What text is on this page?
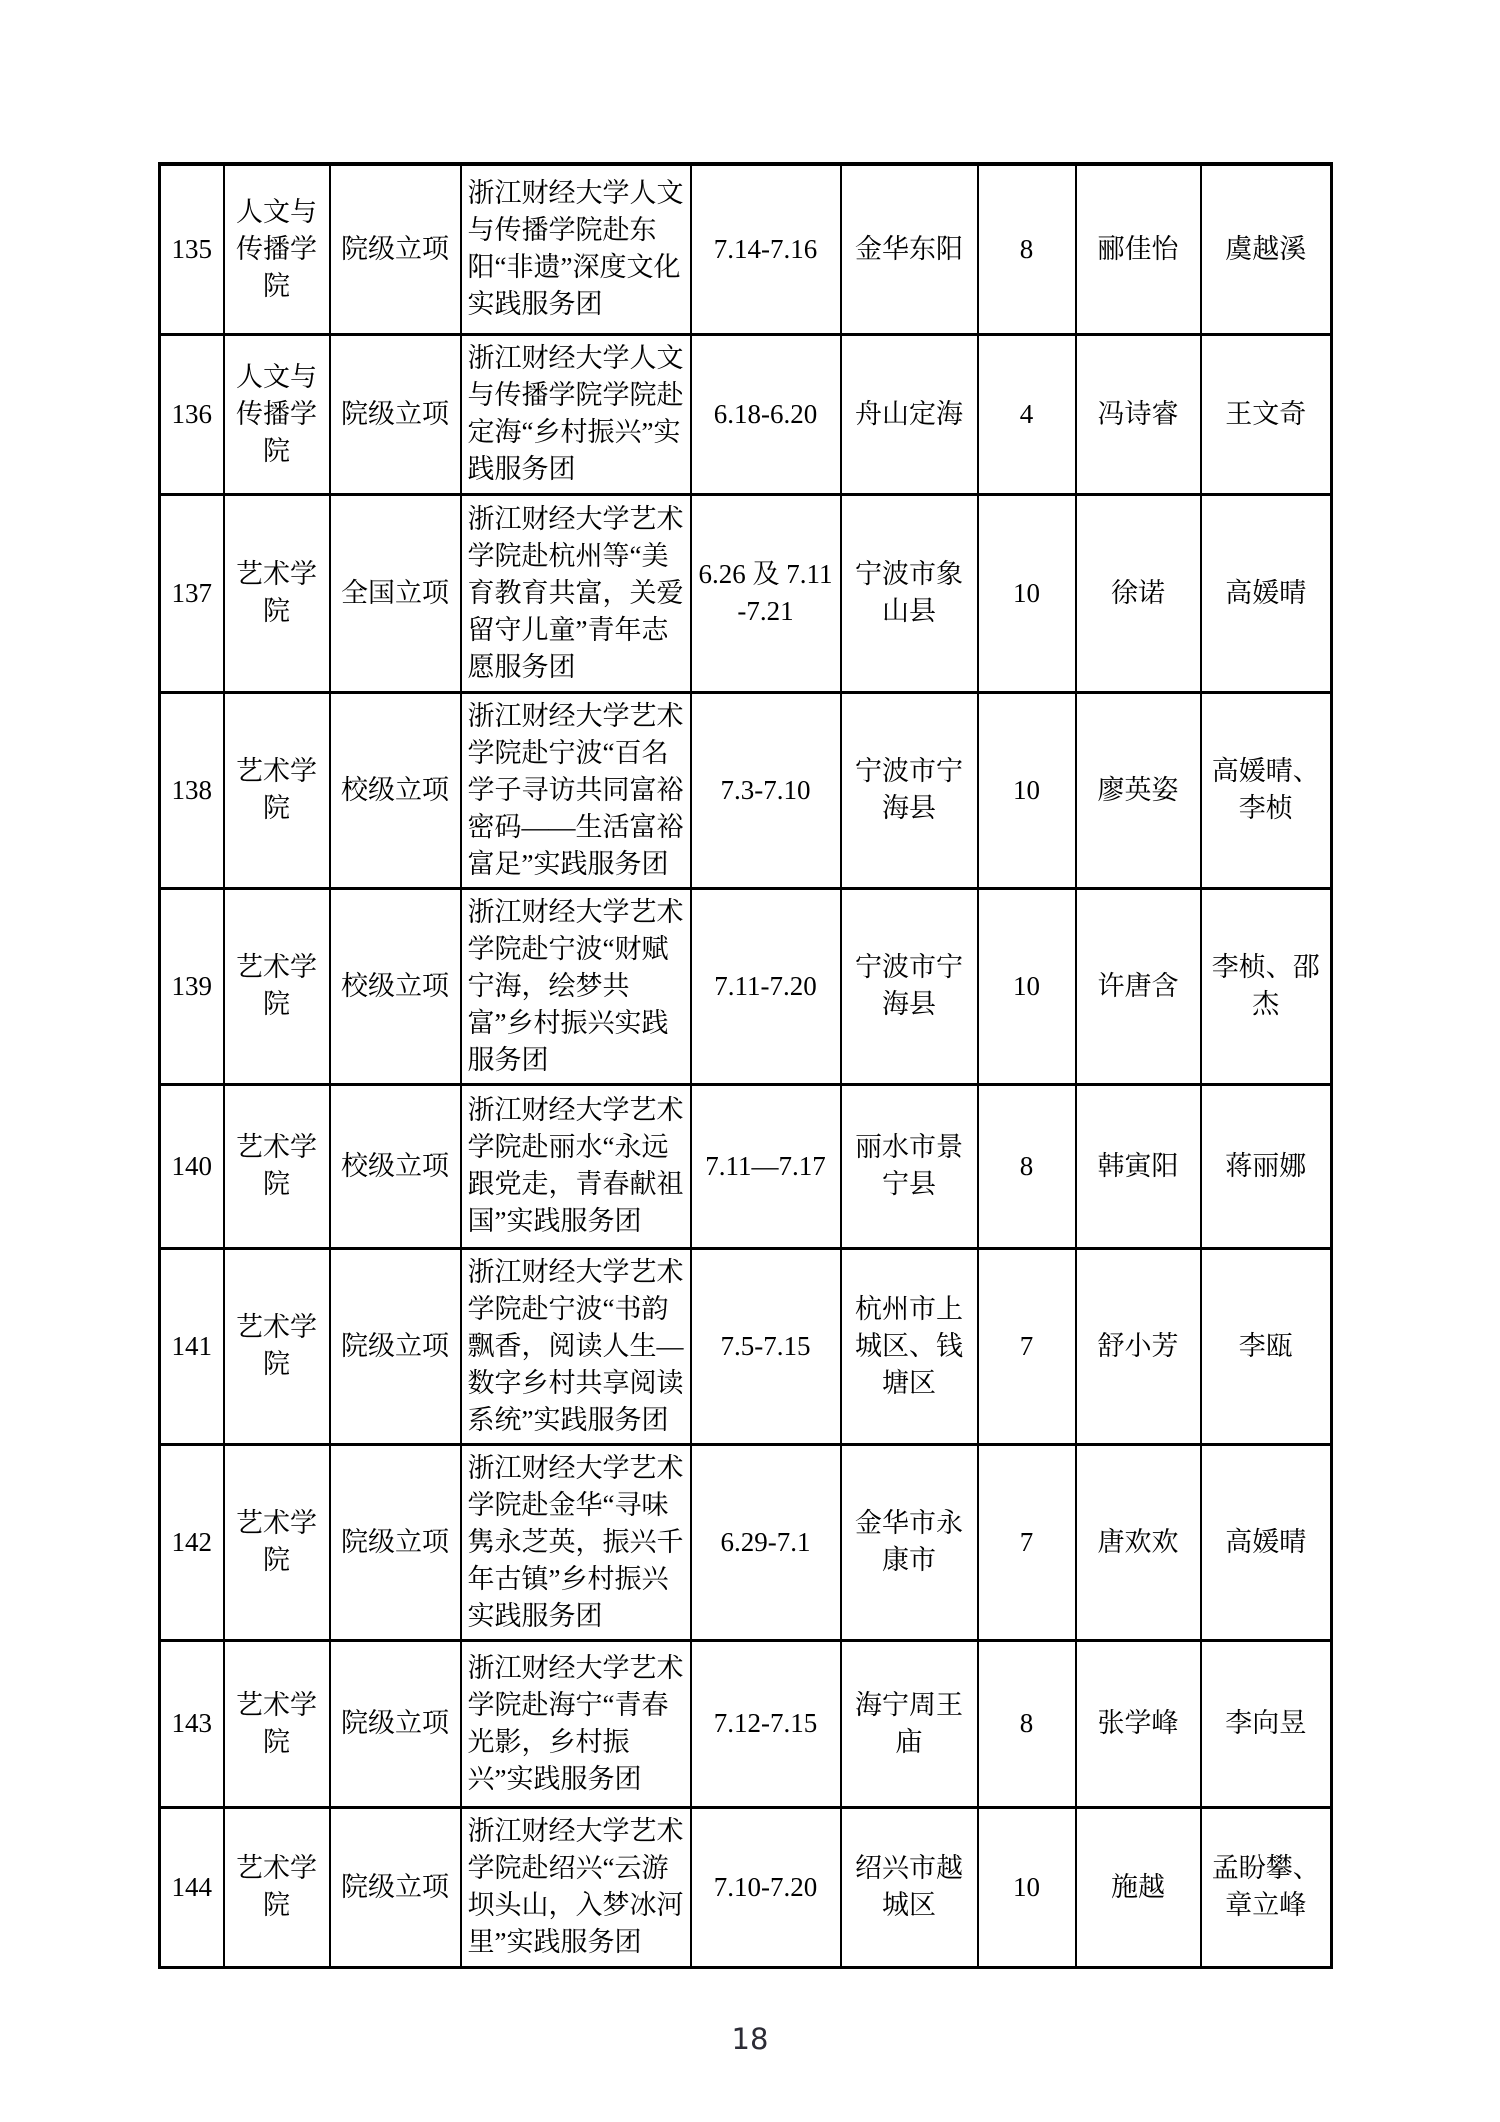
135	人文与传播学院	院级立项	浙江财经大学人文与传播学院赴东阳“非遗”深度文化实践服务团	7.14-7.16	金华东阳	8	郦佳怡	虞越溪
136	人文与传播学院	院级立项	浙江财经大学人文与传播学院学院赴定海“乡村振兴”实践服务团	6.18-6.20	舟山定海	4	冯诗睿	王文奇
137	艺术学院	全国立项	浙江财经大学艺术学院赴杭州等“美育教育共富，关爱留守儿童”青年志愿服务团	6.26 及 7.11-7.21	宁波市象山县	10	徐诺	高媛晴
138	艺术学院	校级立项	浙江财经大学艺术学院赴宁波“百名学子寻访共同富裕密码——生活富裕富足”实践服务团	7.3-7.10	宁波市宁海县	10	廖英姿	高媛晴、李桢
139	艺术学院	校级立项	浙江财经大学艺术学院赴宁波“财赋宁海，绘梦共富”乡村振兴实践服务团	7.11-7.20	宁波市宁海县	10	许唐含	李桢、邵杰
140	艺术学院	校级立项	浙江财经大学艺术学院赴丽水“永远跟党走，青春献祖国”实践服务团	7.11—7.17	丽水市景宁县	8	韩寅阳	蒋丽娜
141	艺术学院	院级立项	浙江财经大学艺术学院赴宁波“书韵飘香，阅读人生—数字乡村共享阅读系统”实践服务团	7.5-7.15	杭州市上城区、钱塘区	7	舒小芳	李瓯
142	艺术学院	院级立项	浙江财经大学艺术学院赴金华“寻味隽永芝英，振兴千年古镇”乡村振兴实践服务团	6.29-7.1	金华市永康市	7	唐欢欢	高媛晴
143	艺术学院	院级立项	浙江财经大学艺术学院赴海宁“青春光影，乡村振兴”实践服务团	7.12-7.15	海宁周王庙	8	张学峰	李向昱
144	艺术学院	院级立项	浙江财经大学艺术学院赴绍兴“云游坝头山，入梦冰河里”实践服务团	7.10-7.20	绍兴市越城区	10	施越	孟盼攀、章立峰
18
